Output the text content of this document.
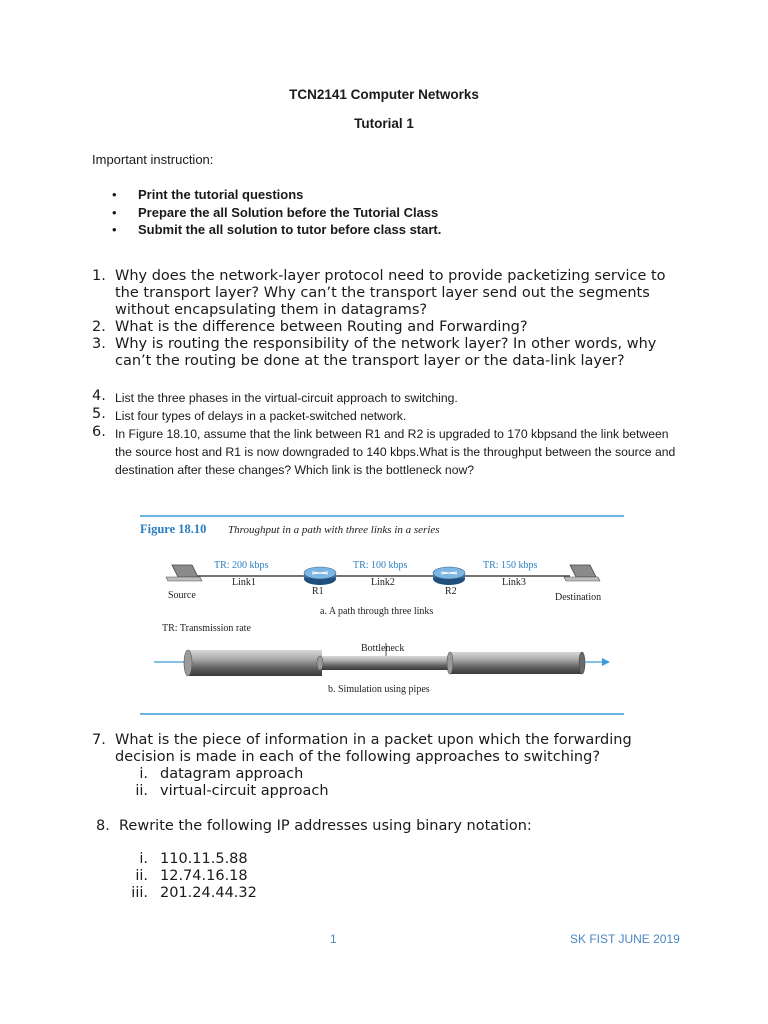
TCN2141 Computer Networks
Tutorial 1
Important instruction:
• Print the tutorial questions
• Prepare the all Solution before the Tutorial Class
• Submit the all solution to tutor before class start.
1. Why does the network-layer protocol need to provide packetizing service to the transport layer? Why can’t the transport layer send out the segments without encapsulating them in datagrams?
2. What is the difference between Routing and Forwarding?
3. Why is routing the responsibility of the network layer? In other words, why can’t the routing be done at the transport layer or the data-link layer?
4. List the three phases in the virtual-circuit approach to switching.
5. List four types of delays in a packet-switched network.
6. In Figure 18.10, assume that the link between R1 and R2 is upgraded to 170 kbpsand the link between the source host and R1 is now downgraded to 140 kbps.What is the throughput between the source and destination after these changes? Which link is the bottleneck now?
Figure 18.10 Throughput in a path with three links in a series
TR: 200 kbps
Link1
TR: 100 kbps
Link2
TR: 150 kbps
Link3
Source	R1	R2
Destination
a. A path through three links
TR: Transmission rate
Bottleneck
b. Simulation using pipes
7. What is the piece of information in a packet upon which the forwarding decision is made in each of the following approaches to switching?
i. datagram approach
ii. virtual-circuit approach
8. Rewrite the following IP addresses using binary notation:
i. 110.11.5.88
ii. 12.74.16.18
iii. 201.24.44.32
1	SK FIST JUNE 2019
